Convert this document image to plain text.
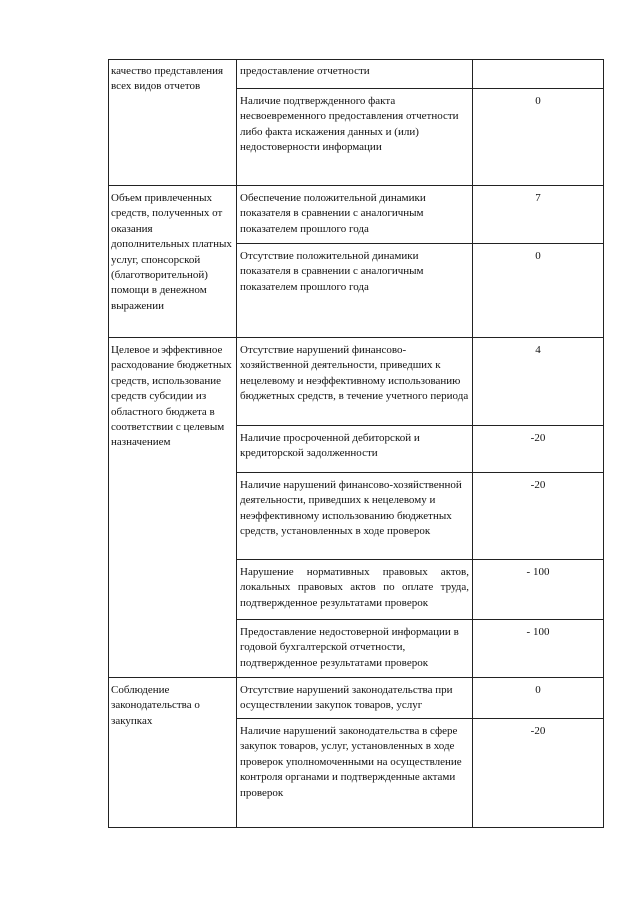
качество представления всех видов отчетов
предоставление отчетности
Наличие подтвержденного факта несвоевременного предоставления отчетности либо факта искажения данных и (или) недостоверности информации
0
Объем привлеченных средств, полученных от оказания дополнительных платных услуг, спонсорской (благотворительной) помощи в денежном выражении
Обеспечение положительной динамики показателя в сравнении с аналогичным показателем прошлого года
7
Отсутствие положительной динамики показателя в сравнении с аналогичным показателем прошлого года
0
Целевое и эффективное расходование бюджетных средств, использование средств субсидии из областного бюджета в соответствии с целевым назначением
Отсутствие нарушений финансово-хозяйственной деятельности, приведших к нецелевому и неэффективному использованию бюджетных средств, в течение учетного периода
4
Наличие просроченной дебиторской и кредиторской задолженности
-20
Наличие нарушений финансово-хозяйственной деятельности, приведших к нецелевому и неэффективному использованию бюджетных средств, установленных в ходе проверок
-20
Нарушение нормативных правовых актов, локальных правовых актов по оплате труда, подтвержденное результатами проверок
- 100
Предоставление недостоверной информации в годовой бухгалтерской отчетности, подтвержденное результатами проверок
- 100
Соблюдение законодательства о закупках
Отсутствие нарушений законодательства при осуществлении закупок товаров, услуг
0
Наличие нарушений законодательства в сфере закупок товаров, услуг, установленных в ходе проверок уполномоченными на осуществление контроля органами и подтвержденные актами проверок
-20
